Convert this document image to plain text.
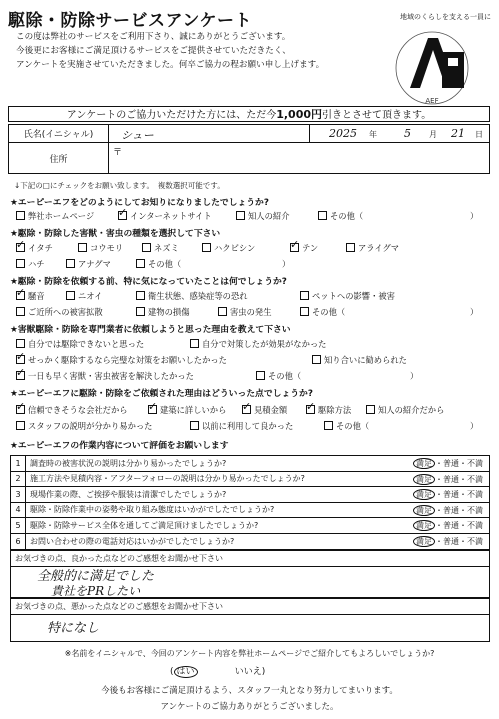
駆除・防除サービスアンケート
この度は弊社のサービスをご利用下さり、誠にありがとうございます。
今後更にお客様にご満足頂けるサービスをご提供させていただきたく、
アンケートを実施させていただきました。何卒ご協力の程お願い申し上げます。
地域のくらしを支える一員に
AEF
アンケートのご協力いただけた方には、ただ今1,000円引きとさせて頂きます。
氏名(イニシャル)	シュー	2025 年 5 月 21 日
住所
〒
↓下記の□にチェックをお願い致します。　複数選択可能です。
★エーピーエフをどのようにしてお知りになりましたでしょうか?
弊社ホームページ ✓	インターネットサイト	知人の紹介	その他（	）
★駆除・防除した害獣・害虫の種類を選択して下さい
✓イタチ	コウモリ	ネズミ	ハクビシン ✓	テン	アライグマ
ハチ	アナグマ	その他（	）
★駆除・防除を依頼する前、特に気になっていたことは何でしょうか?
✓騒音	ニオイ	衛生状態、感染症等の恐れ	ペットへの影響・被害
ご近所への被害拡散	建物の損傷	害虫の発生	その他（	）
★害獣駆除・防除を専門業者に依頼しようと思った理由を教えて下さい
自分では駆除できないと思った	自分で対策したが効果がなかった
✓せっかく駆除するなら完璧な対策をお願いしたかった	知り合いに勧められた
✓一日も早く害獣・害虫被害を解決したかった	その他（	）
★エーピーエフに駆除・防除をご依頼された理由はどういった点でしょうか?
✓信頼できそうな会社だから ✓	建築に詳しいから ✓	見積金額 ✓	駆除方法	知人の紹介だから
スタッフの説明が分かり易かった	以前に利用して良かった	その他（	）
★エーピーエフの作業内容について評価をお願いします
1	調査時の被害状況の説明は分かり易かったでしょうか?	満足 ・普通・不満
2	施工方法や見積内容・アフターフォローの説明は分かり易かったでしょうか?	満足 ・普通・不満
3	現場作業の際、ご挨拶や服装は清潔でしたでしょうか?	満足 ・普通・不満
4	駆除・防除作業中の姿勢や取り組み態度はいかがでしたでしょうか?	満足 ・普通・不満
5	駆除・防除サービス全体を通してご満足頂けましたでしょうか?	満足 ・普通・不満
6	お問い合わせの際の電話対応はいかがでしたでしょうか?	満足 ・普通・不満
お気づきの点、良かった点などのご感想をお聞かせ下さい
全般的に満足でした
貴社をPRしたい
お気づきの点、悪かった点などのご感想をお聞かせ下さい
特になし
※名前をイニシャルで、今回のアンケート内容を弊社ホームページでご紹介してもよろしいでしょうか?
( はい	いいえ)
今後もお客様にご満足頂けるよう、スタッフ一丸となり努力してまいります。
アンケートのご協力ありがとうございました。
